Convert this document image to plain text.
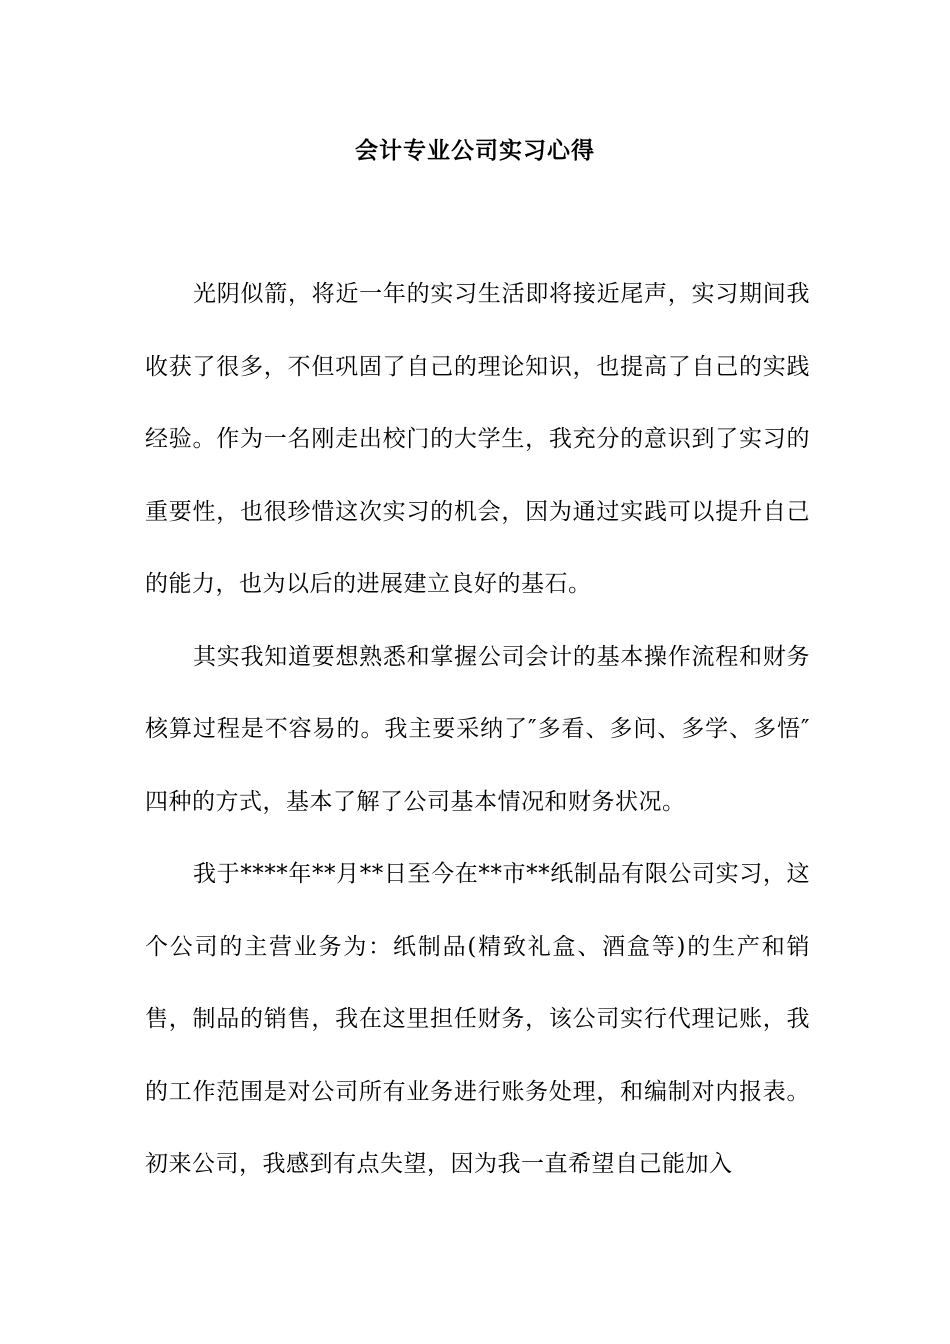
会计专业公司实习心得

光阴似箭，将近一年的实习生活即将接近尾声，实习期间我收获了很多，不但巩固了自己的理论知识，也提高了自己的实践经验。作为一名刚走出校门的大学生，我充分的意识到了实习的重要性，也很珍惜这次实习的机会，因为通过实践可以提升自己的能力，也为以后的进展建立良好的基石。

其实我知道要想熟悉和掌握公司会计的基本操作流程和财务核算过程是不容易的。我主要采纳了″多看、多问、多学、多悟″四种的方式，基本了解了公司基本情况和财务状况。

我于****年**月**日至今在**市**纸制品有限公司实习，这个公司的主营业务为：纸制品(精致礼盒、酒盒等)的生产和销售，制品的销售，我在这里担任财务，该公司实行代理记账，我的工作范围是对公司所有业务进行账务处理，和编制对内报表。初来公司，我感到有点失望，因为我一直希望自己能加入
